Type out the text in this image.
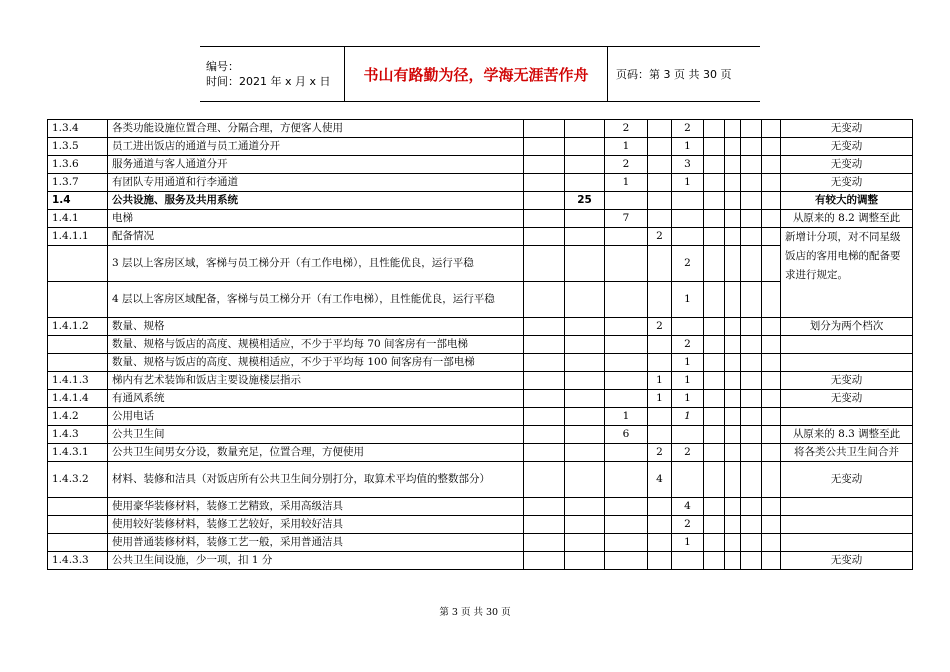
编号：
时间：2021 年 x 月 x 日	书山有路勤为径，学海无涯苦作舟	页码：第 3 页 共 30 页
1.3.4	各类功能设施位置合理、分隔合理，方便客人使用			2		2					无变动
1.3.5	员工进出饭店的通道与员工通道分开			1		1					无变动
1.3.6	服务通道与客人通道分开			2		3					无变动
1.3.7	有团队专用通道和行李通道			1		1					无变动
1.4	公共设施、服务及共用系统		25								有较大的调整
1.4.1	电梯			7							从原来的 8.2 调整至此
1.4.1.1	配备情况				2						新增计分项，对不同星级饭店的客用电梯的配备要求进行规定。
	3 层以上客房区域，客梯与员工梯分开（有工作电梯），且性能优良，运行平稳					2					
	4 层以上客房区域配备，客梯与员工梯分开（有工作电梯），且性能优良，运行平稳					1					
1.4.1.2	数量、规格				2						划分为两个档次
	数量、规格与饭店的高度、规模相适应，不少于平均每 70 间客房有一部电梯					2					
	数量、规格与饭店的高度、规模相适应，不少于平均每 100 间客房有一部电梯					1					
1.4.1.3	梯内有艺术装饰和饭店主要设施楼层指示				1	1					无变动
1.4.1.4	有通风系统				1	1					无变动
1.4.2	公用电话			1		1					
1.4.3	公共卫生间			6							从原来的 8.3 调整至此
1.4.3.1	公共卫生间男女分设，数量充足，位置合理，方便使用				2	2					将各类公共卫生间合并
1.4.3.2	材料、装修和洁具（对饭店所有公共卫生间分别打分，取算术平均值的整数部分）				4						无变动
	使用豪华装修材料，装修工艺精致，采用高级洁具					4					
	使用较好装修材料，装修工艺较好，采用较好洁具					2					
	使用普通装修材料，装修工艺一般，采用普通洁具					1					
1.4.3.3	公共卫生间设施，少一项，扣 1 分										无变动
第 3 页 共 30 页
